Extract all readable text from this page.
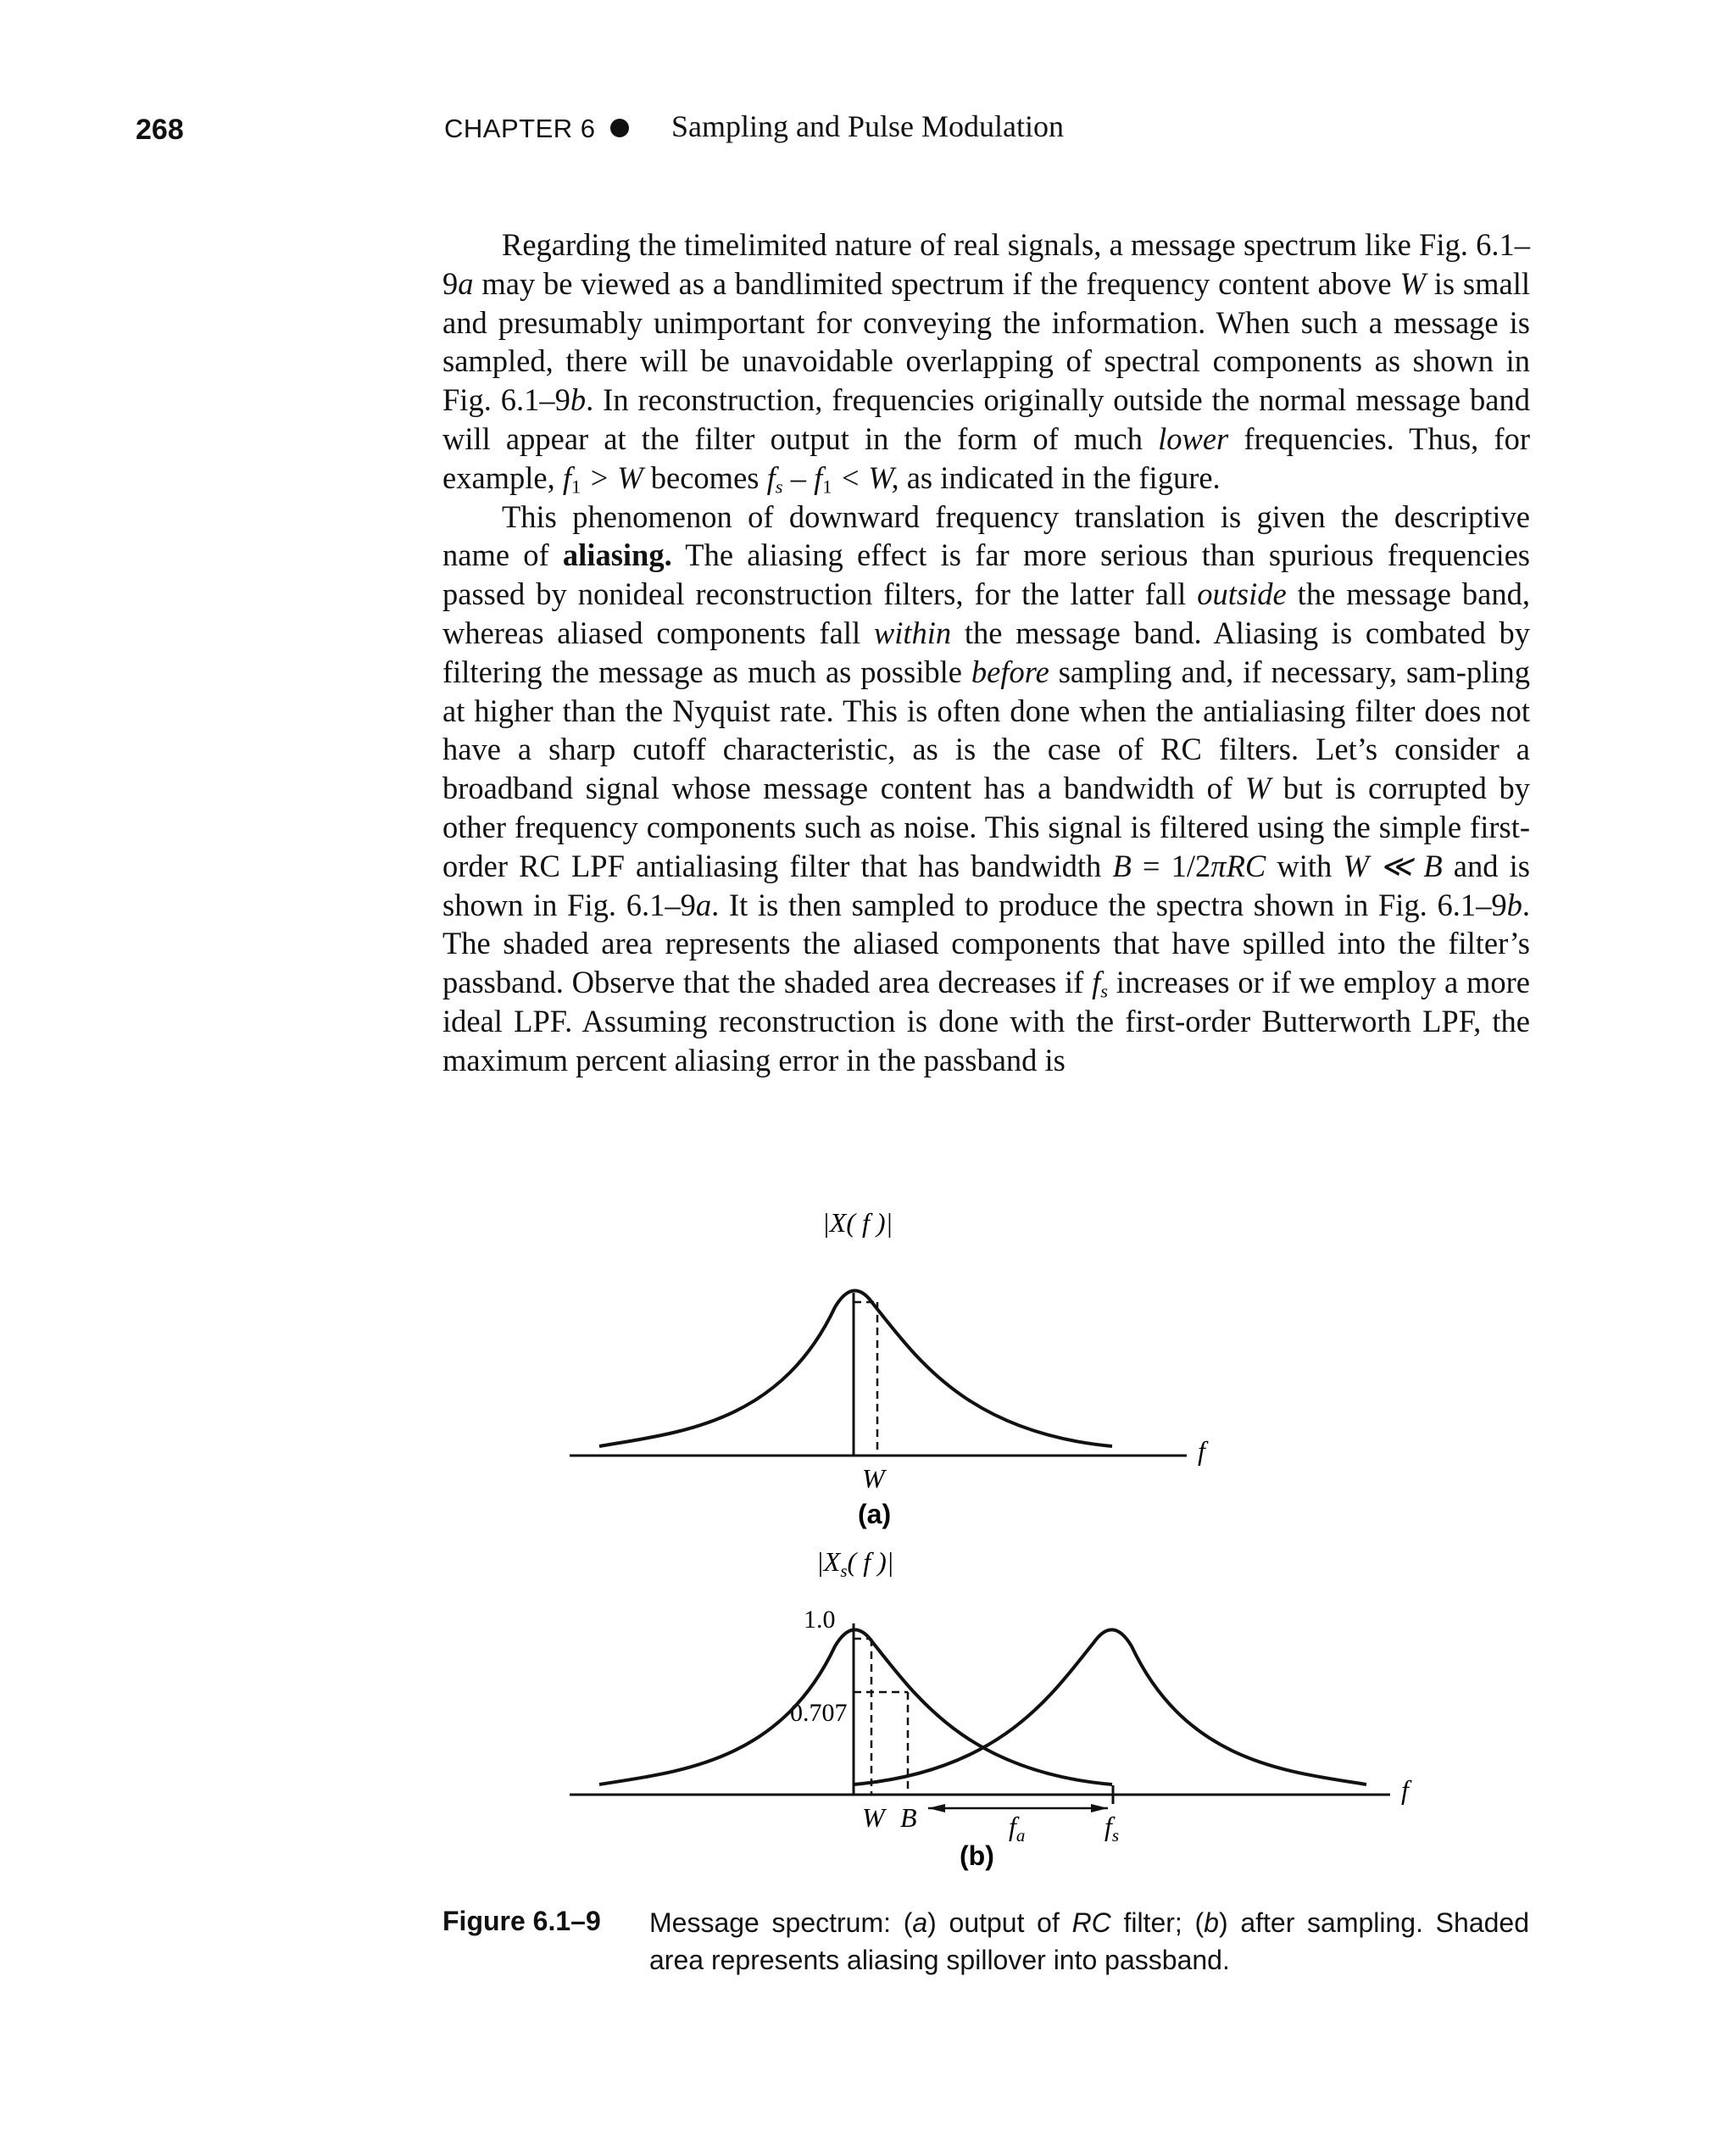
268	CHAPTER 6 Sampling and Pulse Modulation

Regarding the timelimited nature of real signals, a message spectrum like Fig. 6.1–9a may be viewed as a bandlimited spectrum if the frequency content above W is small and presumably unimportant for conveying the information. When such a message is sampled, there will be unavoidable overlapping of spectral components as shown in Fig. 6.1–9b. In reconstruction, frequencies originally outside the normal message band will appear at the filter output in the form of much lower frequencies. Thus, for example, $f_1 > W$ becomes $f_s - f_1 < W$, as indicated in the figure.

This phenomenon of downward frequency translation is given the descriptive name of aliasing. The aliasing effect is far more serious than spurious frequencies passed by nonideal reconstruction filters, for the latter fall outside the message band, whereas aliased components fall within the message band. Aliasing is combated by filtering the message as much as possible before sampling and, if necessary, sam-pling at higher than the Nyquist rate. This is often done when the antialiasing filter does not have a sharp cutoff characteristic, as is the case of RC filters. Let’s consider a broadband signal whose message content has a bandwidth of W but is corrupted by other frequency components such as noise. This signal is filtered using the simple first-order RC LPF antialiasing filter that has bandwidth B = 1/2πRC with W ≪ B and is shown in Fig. 6.1–9a. It is then sampled to produce the spectra shown in Fig. 6.1–9b. The shaded area represents the aliased components that have spilled into the filter’s passband. Observe that the shaded area decreases if $f_s$ increases or if we employ a more ideal LPF. Assuming reconstruction is done with the first-order Butterworth LPF, the maximum percent aliasing error in the passband is

|X( f )|
f
W
(a)
$|X_s$( f )|
1.0
0.707
f
W B	$f_a$	$f_s$
(b)
Figure 6.1–9 Message spectrum: (a) output of RC filter; (b) after sampling. Shaded area represents aliasing spillover into passband.
